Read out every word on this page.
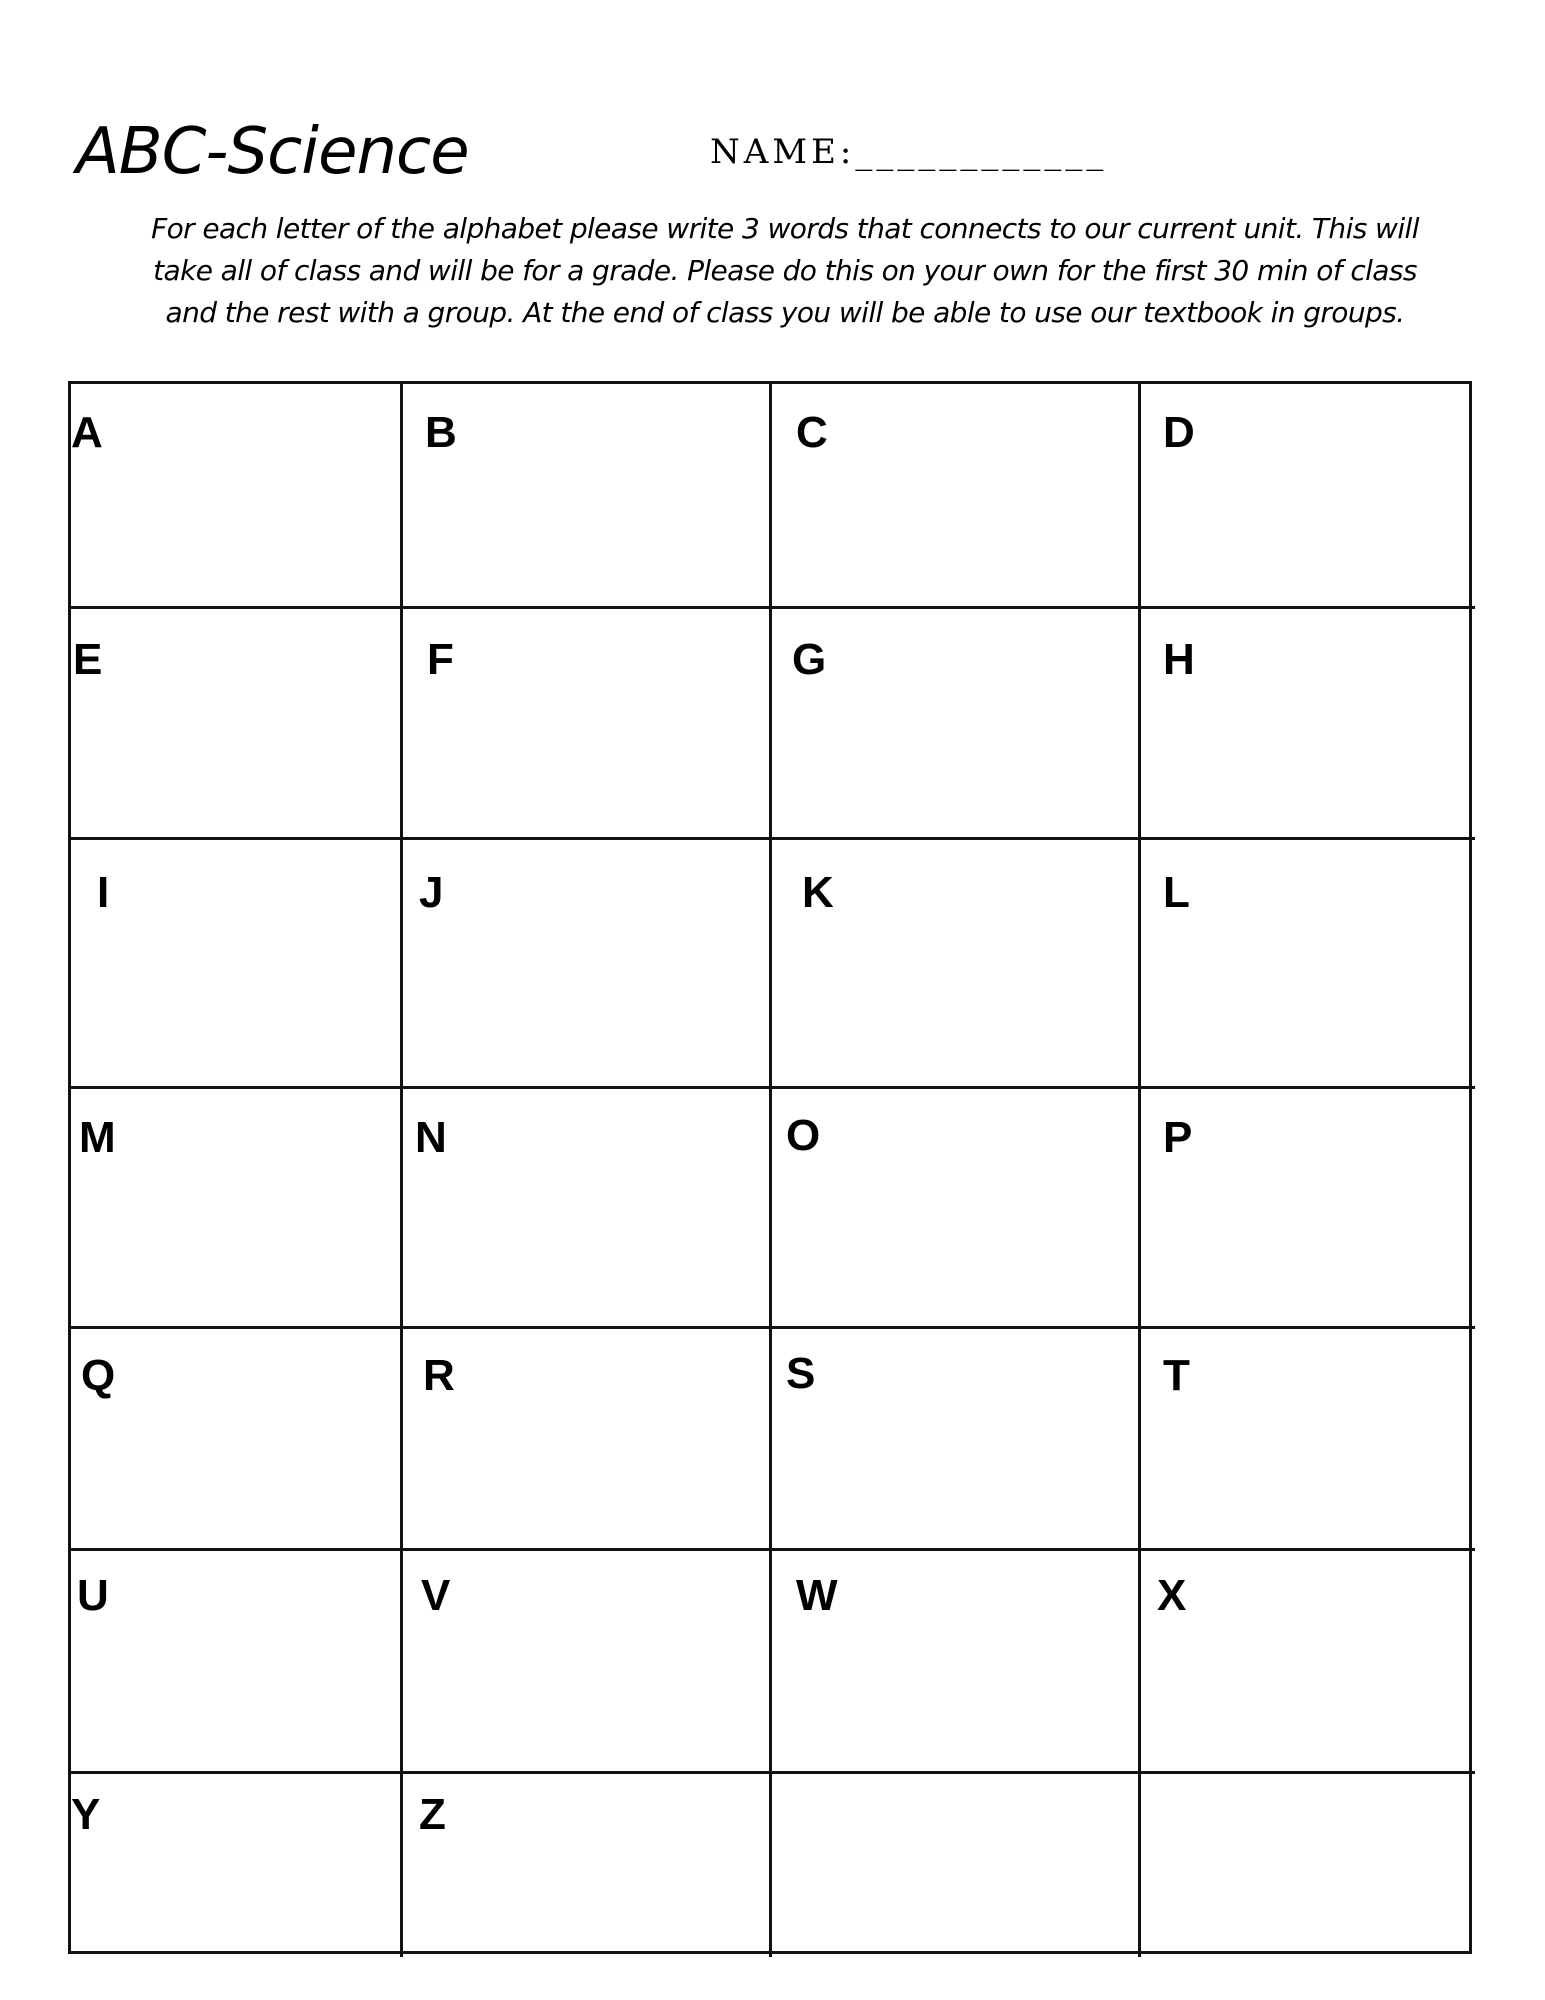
ABC-Science	NAME:____________
For each letter of the alphabet please write 3 words that connects to our current unit. This will
take all of class and will be for a grade. Please do this on your own for the first 30 min of class
and the rest with a group. At the end of class you will be able to use our textbook in groups.
A	B	C	D
E	F	G	H
I	J	K	L
M	N	O	P
Q	R	S	T
U	V	W	X
Y	Z
